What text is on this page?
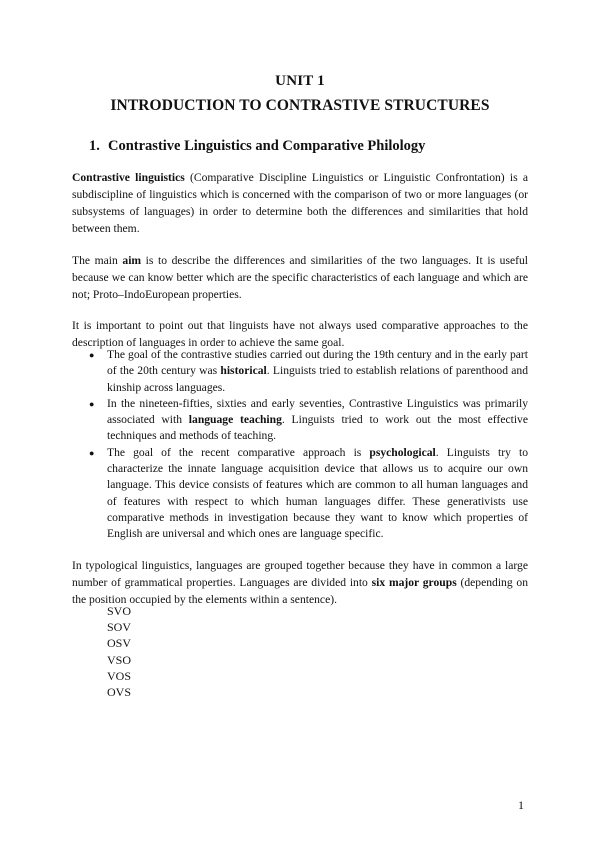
UNIT 1
INTRODUCTION TO CONTRASTIVE STRUCTURES
1. Contrastive Linguistics and Comparative Philology

Contrastive linguistics (Comparative Discipline Linguistics or Linguistic Confrontation) is a subdiscipline of linguistics which is concerned with the comparison of two or more languages (or subsystems of languages) in order to determine both the differences and similarities that hold between them.

The main aim is to describe the differences and similarities of the two languages. It is useful because we can know better which are the specific characteristics of each language and which are not; Proto–IndoEuropean properties.

It is important to point out that linguists have not always used comparative approaches to the description of languages in order to achieve the same goal.

● The goal of the contrastive studies carried out during the 19th century and in the early part of the 20th century was historical. Linguists tried to establish relations of parenthood and kinship across languages.
● In the nineteen-fifties, sixties and early seventies, Contrastive Linguistics was primarily associated with language teaching. Linguists tried to work out the most effective techniques and methods of teaching.
● The goal of the recent comparative approach is psychological. Linguists try to characterize the innate language acquisition device that allows us to acquire our own language. This device consists of features which are common to all human languages and of features with respect to which human languages differ. These generativists use comparative methods in investigation because they want to know which properties of English are universal and which ones are language specific.

In typological linguistics, languages are grouped together because they have in common a large number of grammatical properties. Languages are divided into six major groups (depending on the position occupied by the elements within a sentence).

SVO
SOV
OSV
VSO
VOS
OVS
1
